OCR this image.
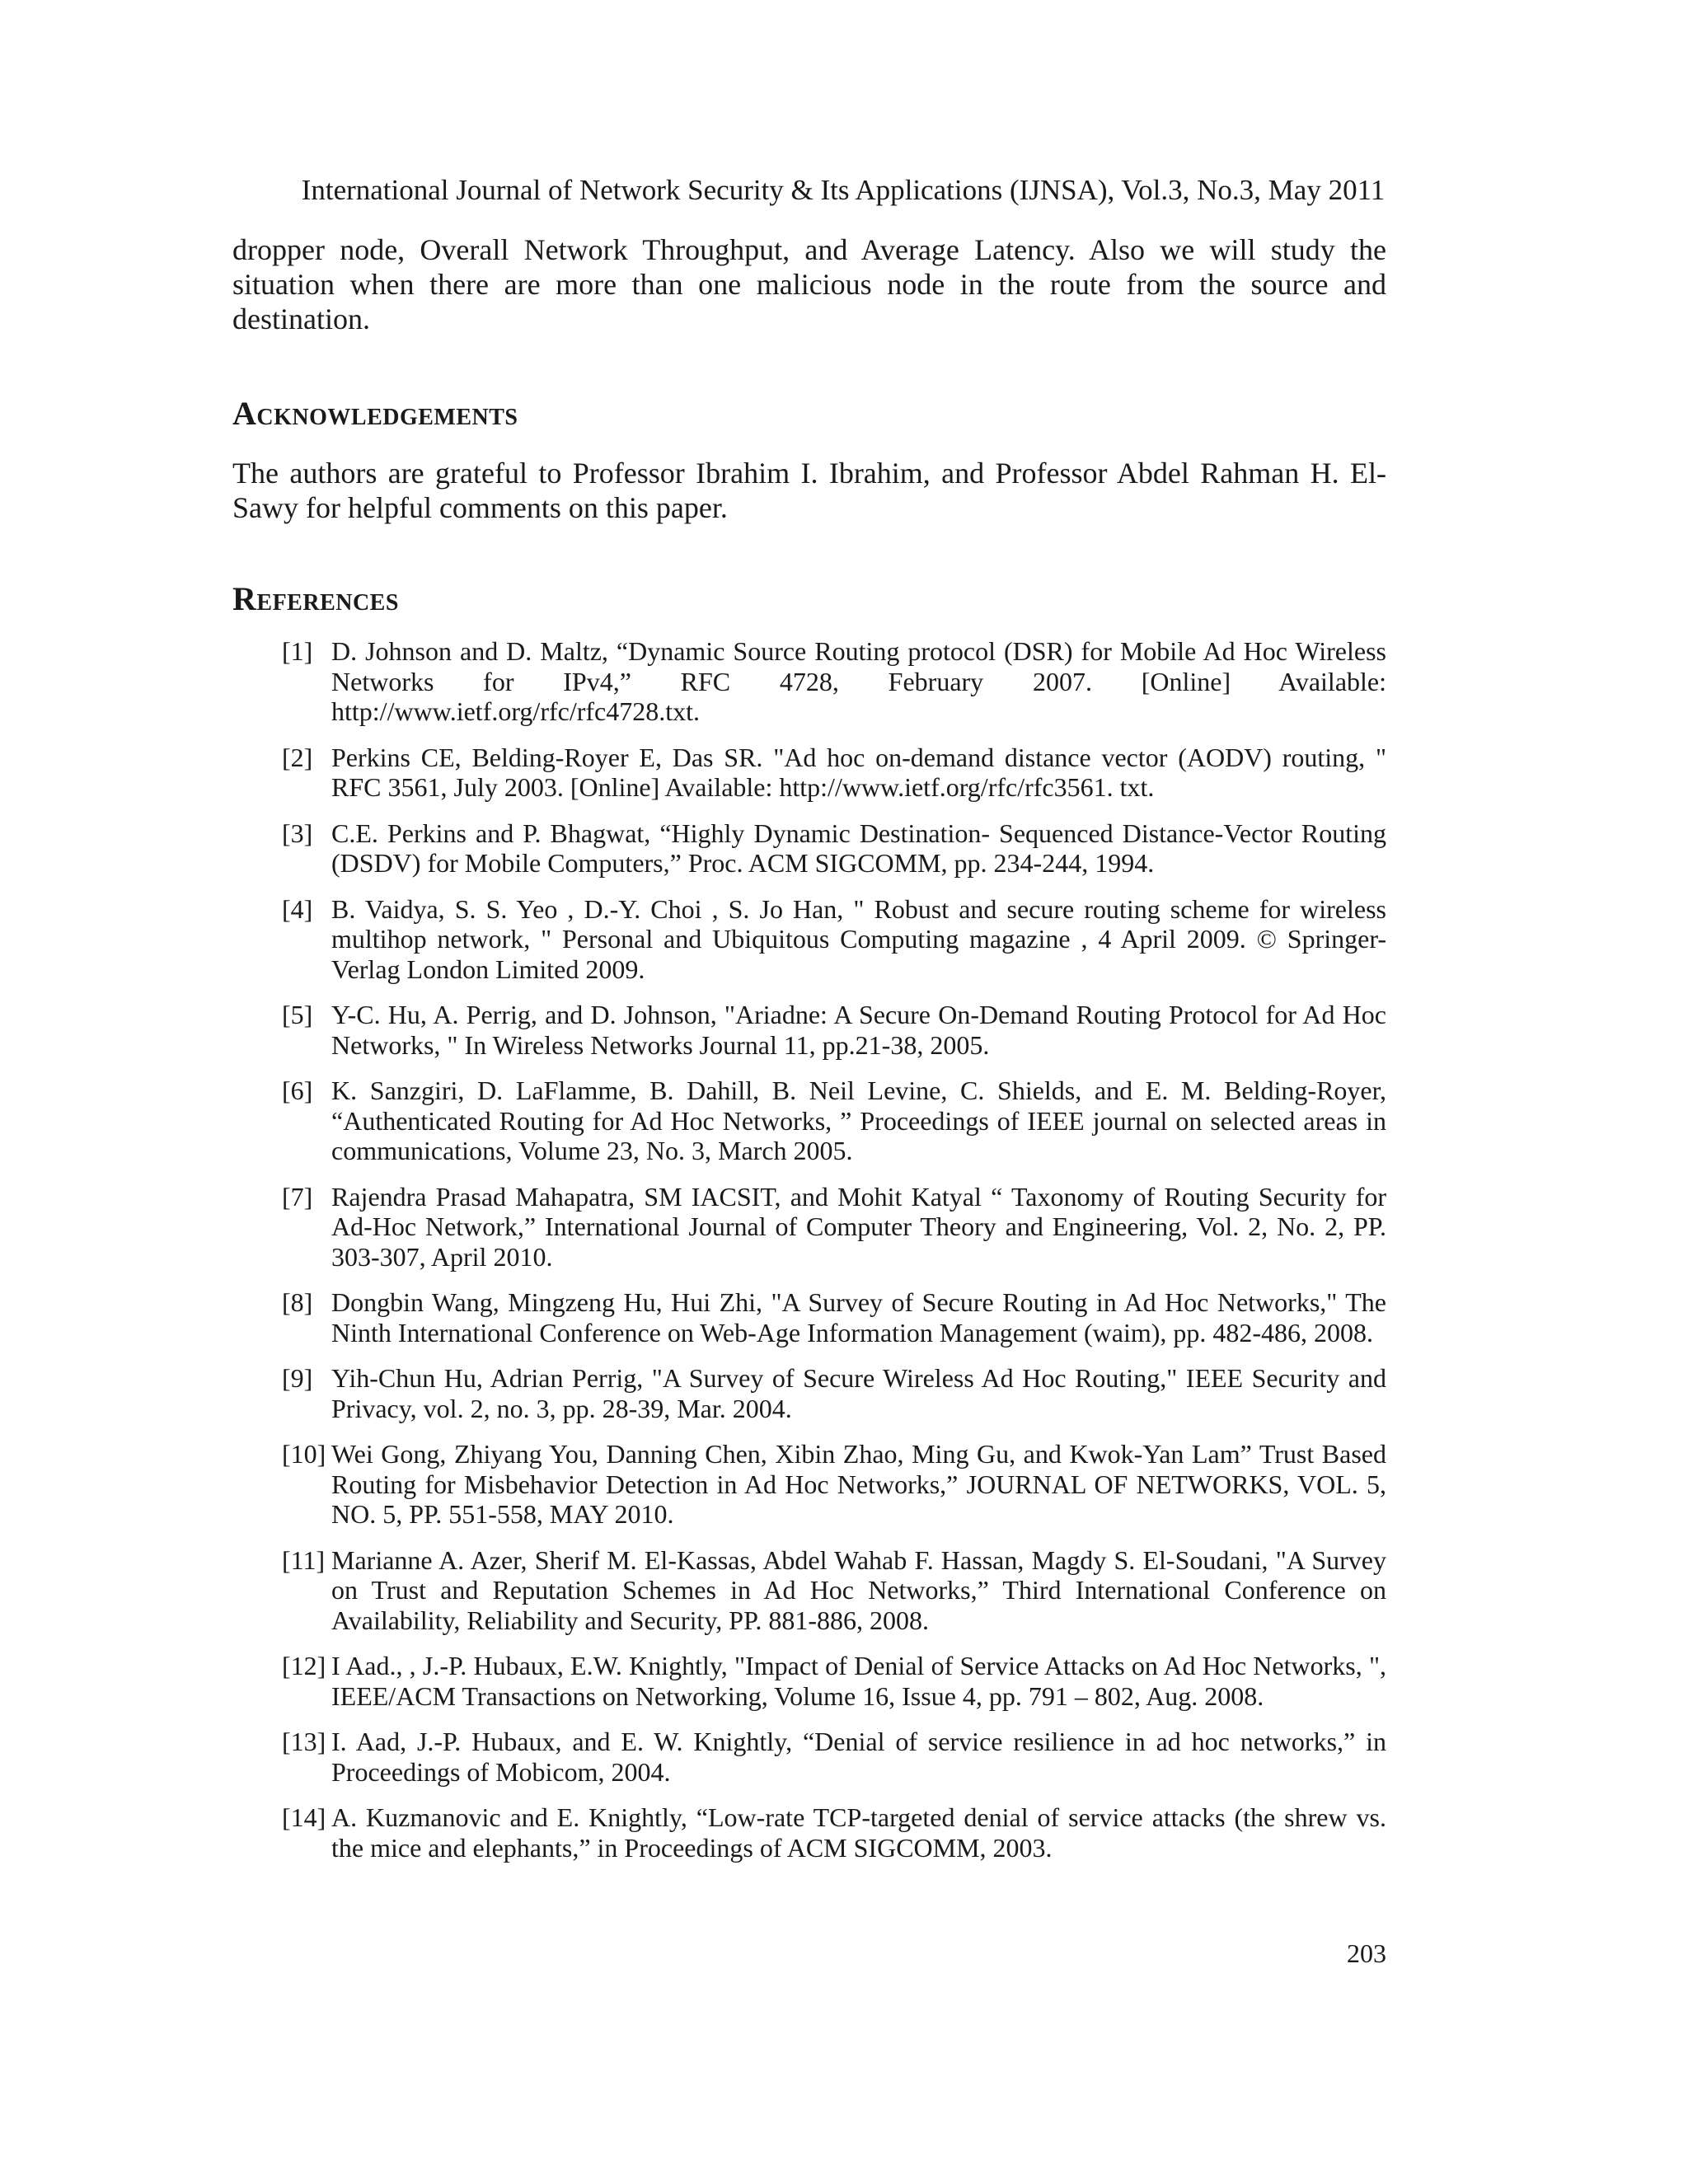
International Journal of Network Security & Its Applications (IJNSA), Vol.3, No.3, May 2011

dropper node, Overall Network Throughput, and Average Latency. Also we will study the situation when there are more than one malicious node in the route from the source and destination.

Acknowledgements

The authors are grateful to Professor Ibrahim I. Ibrahim, and Professor Abdel Rahman H. El-Sawy for helpful comments on this paper.

References
[1] D. Johnson and D. Maltz, “Dynamic Source Routing protocol (DSR) for Mobile Ad Hoc Wireless Networks for IPv4,” RFC 4728, February 2007. [Online] Available: http://www.ietf.org/rfc/rfc4728.txt.
[2] Perkins CE, Belding-Royer E, Das SR. "Ad hoc on-demand distance vector (AODV) routing, " RFC 3561, July 2003. [Online] Available: http://www.ietf.org/rfc/rfc3561. txt.
[3] C.E. Perkins and P. Bhagwat, “Highly Dynamic Destination- Sequenced Distance-Vector Routing (DSDV) for Mobile Computers,” Proc. ACM SIGCOMM, pp. 234-244, 1994.
[4] B. Vaidya, S. S. Yeo , D.-Y. Choi , S. Jo Han, " Robust and secure routing scheme for wireless multihop network, " Personal and Ubiquitous Computing magazine , 4 April 2009. © Springer-Verlag London Limited 2009.
[5] Y-C. Hu, A. Perrig, and D. Johnson, "Ariadne: A Secure On-Demand Routing Protocol for Ad Hoc Networks, " In Wireless Networks Journal 11, pp.21-38, 2005.
[6] K. Sanzgiri, D. LaFlamme, B. Dahill, B. Neil Levine, C. Shields, and E. M. Belding-Royer, “Authenticated Routing for Ad Hoc Networks, ” Proceedings of IEEE journal on selected areas in communications, Volume 23, No. 3, March 2005.
[7] Rajendra Prasad Mahapatra, SM IACSIT, and Mohit Katyal “ Taxonomy of Routing Security for Ad-Hoc Network,” International Journal of Computer Theory and Engineering, Vol. 2, No. 2, PP. 303-307, April 2010.
[8] Dongbin Wang, Mingzeng Hu, Hui Zhi, "A Survey of Secure Routing in Ad Hoc Networks," The Ninth International Conference on Web-Age Information Management (waim), pp. 482-486, 2008.
[9] Yih-Chun Hu, Adrian Perrig, "A Survey of Secure Wireless Ad Hoc Routing," IEEE Security and Privacy, vol. 2, no. 3, pp. 28-39, Mar. 2004.
[10] Wei Gong, Zhiyang You, Danning Chen, Xibin Zhao, Ming Gu, and Kwok-Yan Lam” Trust Based Routing for Misbehavior Detection in Ad Hoc Networks,” JOURNAL OF NETWORKS, VOL. 5, NO. 5, PP. 551-558, MAY 2010.
[11] Marianne A. Azer, Sherif M. El-Kassas, Abdel Wahab F. Hassan, Magdy S. El-Soudani, "A Survey on Trust and Reputation Schemes in Ad Hoc Networks,” Third International Conference on Availability, Reliability and Security, PP. 881-886, 2008.
[12] I Aad., , J.-P. Hubaux, E.W. Knightly, "Impact of Denial of Service Attacks on Ad Hoc Networks, ", IEEE/ACM Transactions on Networking, Volume 16, Issue 4, pp. 791 – 802, Aug. 2008.
[13] I. Aad, J.-P. Hubaux, and E. W. Knightly, “Denial of service resilience in ad hoc networks,” in Proceedings of Mobicom, 2004.
[14] A. Kuzmanovic and E. Knightly, “Low-rate TCP-targeted denial of service attacks (the shrew vs. the mice and elephants,” in Proceedings of ACM SIGCOMM, 2003.
203
